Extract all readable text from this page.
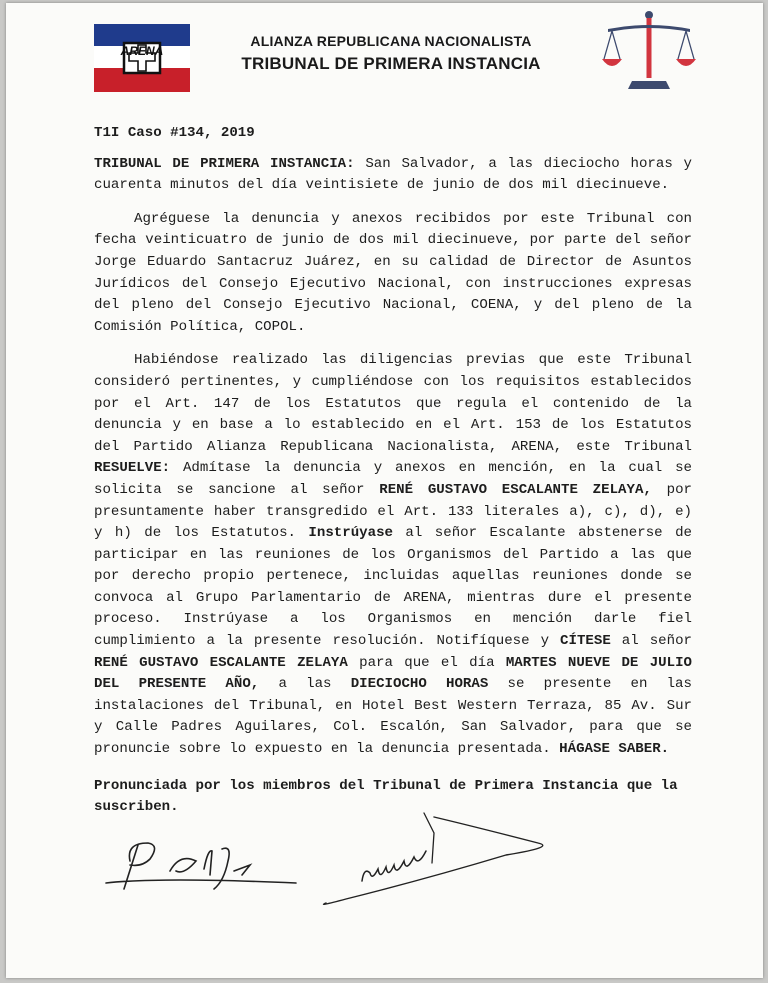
ARENA
ALIANZA REPUBLICANA NACIONALISTA
TRIBUNAL DE PRIMERA INSTANCIA

T1I Caso #134, 2019

TRIBUNAL DE PRIMERA INSTANCIA: San Salvador, a las dieciocho horas y cuarenta minutos del día veintisiete de junio de dos mil diecinueve.

Agréguese la denuncia y anexos recibidos por este Tribunal con fecha veinticuatro de junio de dos mil diecinueve, por parte del señor Jorge Eduardo Santacruz Juárez, en su calidad de Director de Asuntos Jurídicos del Consejo Ejecutivo Nacional, con instrucciones expresas del pleno del Consejo Ejecutivo Nacional, COENA, y del pleno de la Comisión Política, COPOL.

Habiéndose realizado las diligencias previas que este Tribunal consideró pertinentes, y cumpliéndose con los requisitos establecidos por el Art. 147 de los Estatutos que regula el contenido de la denuncia y en base a lo establecido en el Art. 153 de los Estatutos del Partido Alianza Republicana Nacionalista, ARENA, este Tribunal RESUELVE: Admítase la denuncia y anexos en mención, en la cual se solicita se sancione al señor RENÉ GUSTAVO ESCALANTE ZELAYA, por presuntamente haber transgredido el Art. 133 literales a), c), d), e) y h) de los Estatutos. Instrúyase al señor Escalante abstenerse de participar en las reuniones de los Organismos del Partido a las que por derecho propio pertenece, incluidas aquellas reuniones donde se convoca al Grupo Parlamentario de ARENA, mientras dure el presente proceso. Instrúyase a los Organismos en mención darle fiel cumplimiento a la presente resolución. Notifíquese y CÍTESE al señor RENÉ GUSTAVO ESCALANTE ZELAYA para que el día MARTES NUEVE DE JULIO DEL PRESENTE AÑO, a las DIECIOCHO HORAS se presente en las instalaciones del Tribunal, en Hotel Best Western Terraza, 85 Av. Sur y Calle Padres Aguilares, Col. Escalón, San Salvador, para que se pronuncie sobre lo expuesto en la denuncia presentada. HÁGASE SABER.

Pronunciada por los miembros del Tribunal de Primera Instancia que la suscriben.
